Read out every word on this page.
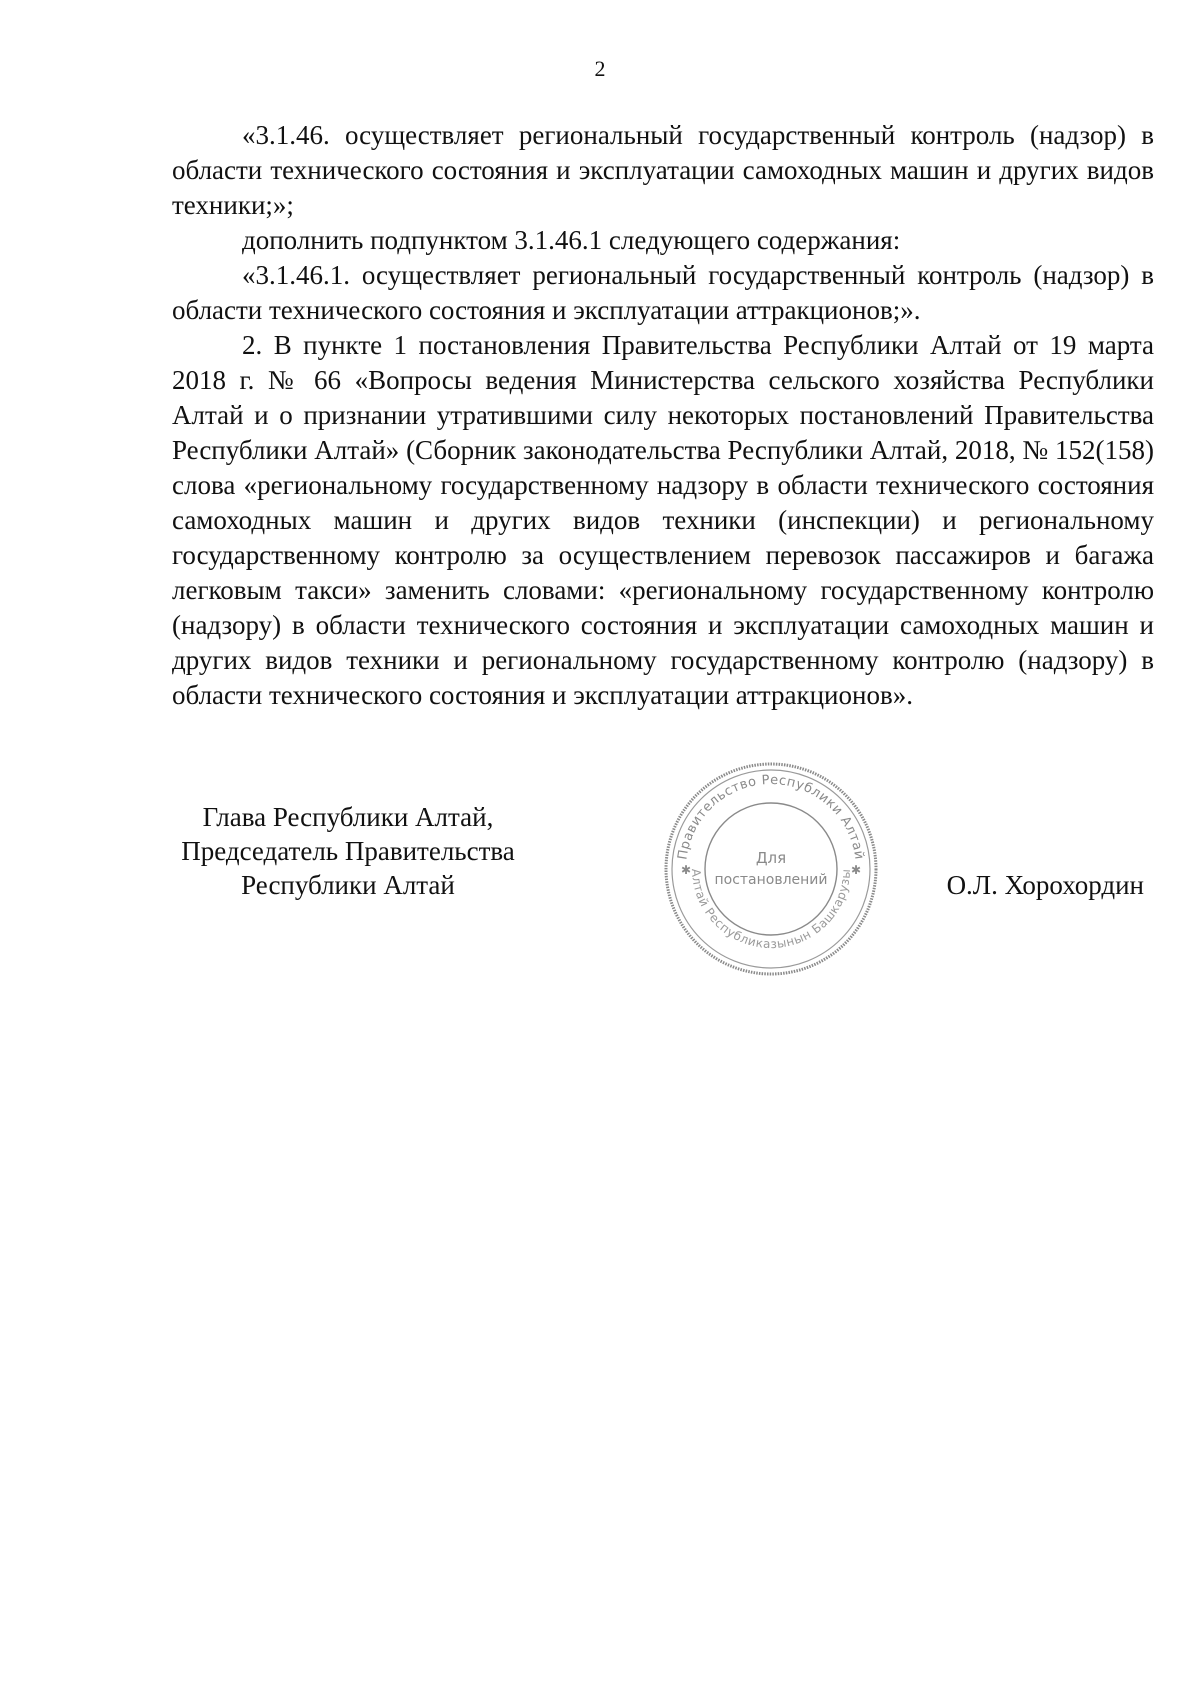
2

«3.1.46. осуществляет региональный государственный контроль (надзор) в области технического состояния и эксплуатации самоходных машин и других видов техники;»;

дополнить подпунктом 3.1.46.1 следующего содержания:

«3.1.46.1. осуществляет региональный государственный контроль (надзор) в области технического состояния и эксплуатации аттракционов;».

2. В пункте 1 постановления Правительства Республики Алтай от 19 марта 2018 г. № 66 «Вопросы ведения Министерства сельского хозяйства Республики Алтай и о признании утратившими силу некоторых постановлений Правительства Республики Алтай» (Сборник законодательства Республики Алтай, 2018, № 152(158) слова «региональному государственному надзору в области технического состояния самоходных машин и других видов техники (инспекции) и региональному государственному контролю за осуществлением перевозок пассажиров и багажа легковым такси» заменить словами: «региональному государственному контролю (надзору) в области технического состояния и эксплуатации самоходных машин и других видов техники и региональному государственному контролю (надзору) в области технического состояния и эксплуатации аттракционов».

Глава Республики Алтай,
Председатель Правительства
Республики Алтай
Правительство Республики Алтай
Алтай Республиказынын Башкарузы
✱	✱
Для
постановлений	О.Л. Хорохордин
